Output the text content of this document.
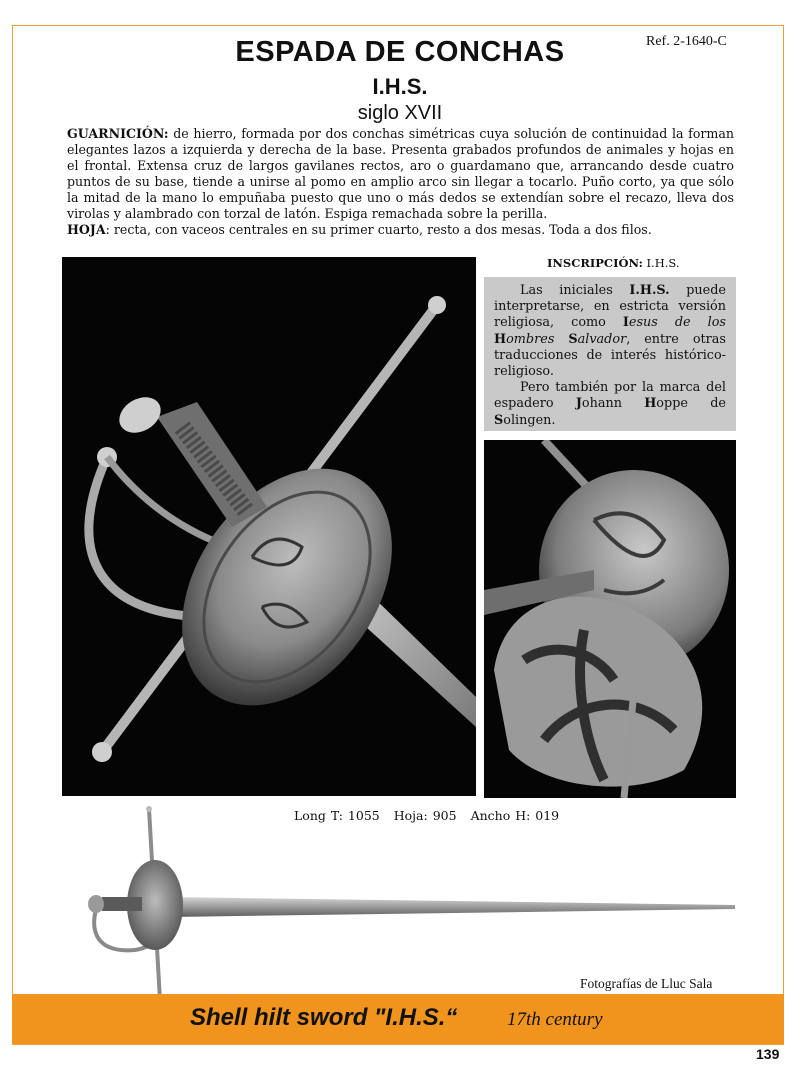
Ref. 2-1640-C
ESPADA DE CONCHAS
I.H.S.
siglo XVII

GUARNICIÓN: de hierro, formada por dos conchas simétricas cuya solución de continuidad la forman elegantes lazos a izquierda y derecha de la base. Presenta grabados profundos de animales y hojas en el frontal. Extensa cruz de largos gavilanes rectos, aro o guardamano que, arrancando desde cuatro puntos de su base, tiende a unirse al pomo en amplio arco sin llegar a tocarlo. Puño corto, ya que sólo la mitad de la mano lo empuñaba puesto que uno o más dedos se extendían sobre el recazo, lleva dos virolas y alambrado con torzal de latón. Espiga remachada sobre la perilla.

HOJA: recta, con vaceos centrales en su primer cuarto, resto a dos mesas. Toda a dos filos.

INSCRIPCIÓN: I.H.S.

Las iniciales I.H.S. puede interpretarse, en estricta versión religiosa, como Iesus de los Hombres Salvador, entre otras traducciones de interés histórico-religioso.

Pero también por la marca del espadero Johann Hoppe de Solingen.

Long T: 1055 Hoja: 905 Ancho H: 019
Fotografías de Lluc Sala
Shell hilt sword "I.H.S.“	17th century
139
